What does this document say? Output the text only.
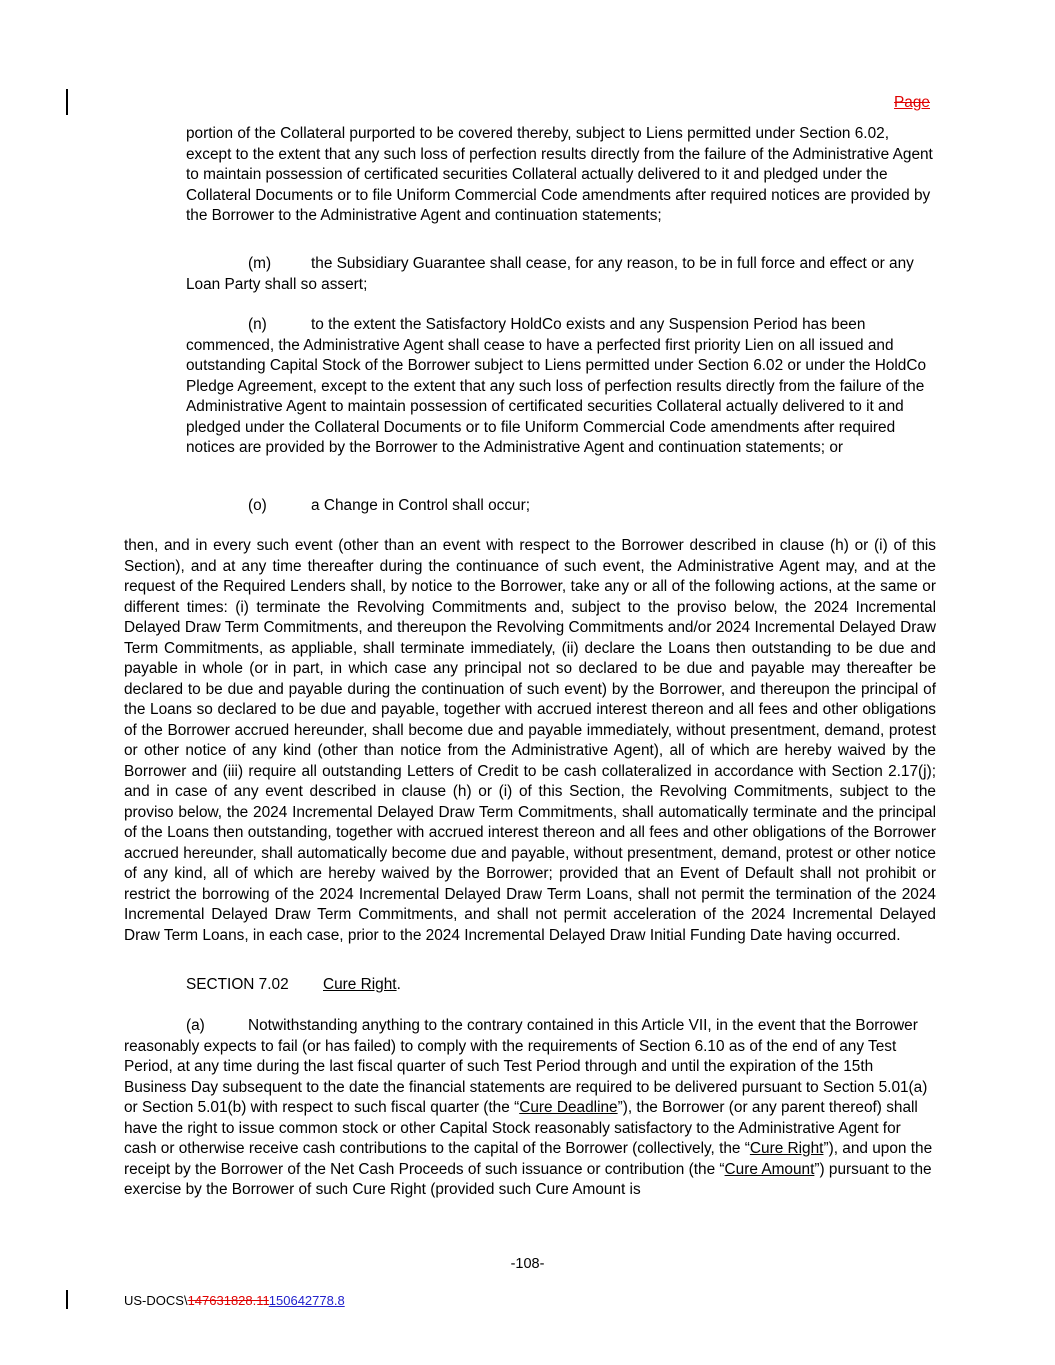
Page
portion of the Collateral purported to be covered thereby, subject to Liens permitted under Section 6.02, except to the extent that any such loss of perfection results directly from the failure of the Administrative Agent to maintain possession of certificated securities Collateral actually delivered to it and pledged under the Collateral Documents or to file Uniform Commercial Code amendments after required notices are provided by the Borrower to the Administrative Agent and continuation statements;
(m)	the Subsidiary Guarantee shall cease, for any reason, to be in full force and effect or any Loan Party shall so assert;
(n)	to the extent the Satisfactory HoldCo exists and any Suspension Period has been commenced, the Administrative Agent shall cease to have a perfected first priority Lien on all issued and outstanding Capital Stock of the Borrower subject to Liens permitted under Section 6.02 or under the HoldCo Pledge Agreement, except to the extent that any such loss of perfection results directly from the failure of the Administrative Agent to maintain possession of certificated securities Collateral actually delivered to it and pledged under the Collateral Documents or to file Uniform Commercial Code amendments after required notices are provided by the Borrower to the Administrative Agent and continuation statements; or
(o)	a Change in Control shall occur;
then, and in every such event (other than an event with respect to the Borrower described in clause (h) or (i) of this Section), and at any time thereafter during the continuance of such event, the Administrative Agent may, and at the request of the Required Lenders shall, by notice to the Borrower, take any or all of the following actions, at the same or different times: (i) terminate the Revolving Commitments and, subject to the proviso below, the 2024 Incremental Delayed Draw Term Commitments, and thereupon the Revolving Commitments and/or 2024 Incremental Delayed Draw Term Commitments, as appliable, shall terminate immediately, (ii) declare the Loans then outstanding to be due and payable in whole (or in part, in which case any principal not so declared to be due and payable may thereafter be declared to be due and payable during the continuation of such event) by the Borrower, and thereupon the principal of the Loans so declared to be due and payable, together with accrued interest thereon and all fees and other obligations of the Borrower accrued hereunder, shall become due and payable immediately, without presentment, demand, protest or other notice of any kind (other than notice from the Administrative Agent), all of which are hereby waived by the Borrower and (iii) require all outstanding Letters of Credit to be cash collateralized in accordance with Section 2.17(j); and in case of any event described in clause (h) or (i) of this Section, the Revolving Commitments, subject to the proviso below, the 2024 Incremental Delayed Draw Term Commitments, shall automatically terminate and the principal of the Loans then outstanding, together with accrued interest thereon and all fees and other obligations of the Borrower accrued hereunder, shall automatically become due and payable, without presentment, demand, protest or other notice of any kind, all of which are hereby waived by the Borrower; provided that an Event of Default shall not prohibit or restrict the borrowing of the 2024 Incremental Delayed Draw Term Loans, shall not permit the termination of the 2024 Incremental Delayed Draw Term Commitments, and shall not permit acceleration of the 2024 Incremental Delayed Draw Term Loans, in each case, prior to the 2024 Incremental Delayed Draw Initial Funding Date having occurred.
SECTION 7.02 Cure Right.
(a)	Notwithstanding anything to the contrary contained in this Article VII, in the event that the Borrower reasonably expects to fail (or has failed) to comply with the requirements of Section 6.10 as of the end of any Test Period, at any time during the last fiscal quarter of such Test Period through and until the expiration of the 15th Business Day subsequent to the date the financial statements are required to be delivered pursuant to Section 5.01(a) or Section 5.01(b) with respect to such fiscal quarter (the “Cure Deadline”), the Borrower (or any parent thereof) shall have the right to issue common stock or other Capital Stock reasonably satisfactory to the Administrative Agent for cash or otherwise receive cash contributions to the capital of the Borrower (collectively, the “Cure Right”), and upon the receipt by the Borrower of the Net Cash Proceeds of such issuance or contribution (the “Cure Amount”) pursuant to the exercise by the Borrower of such Cure Right (provided such Cure Amount is
-108-
US-DOCS\147631828.11150642778.8
